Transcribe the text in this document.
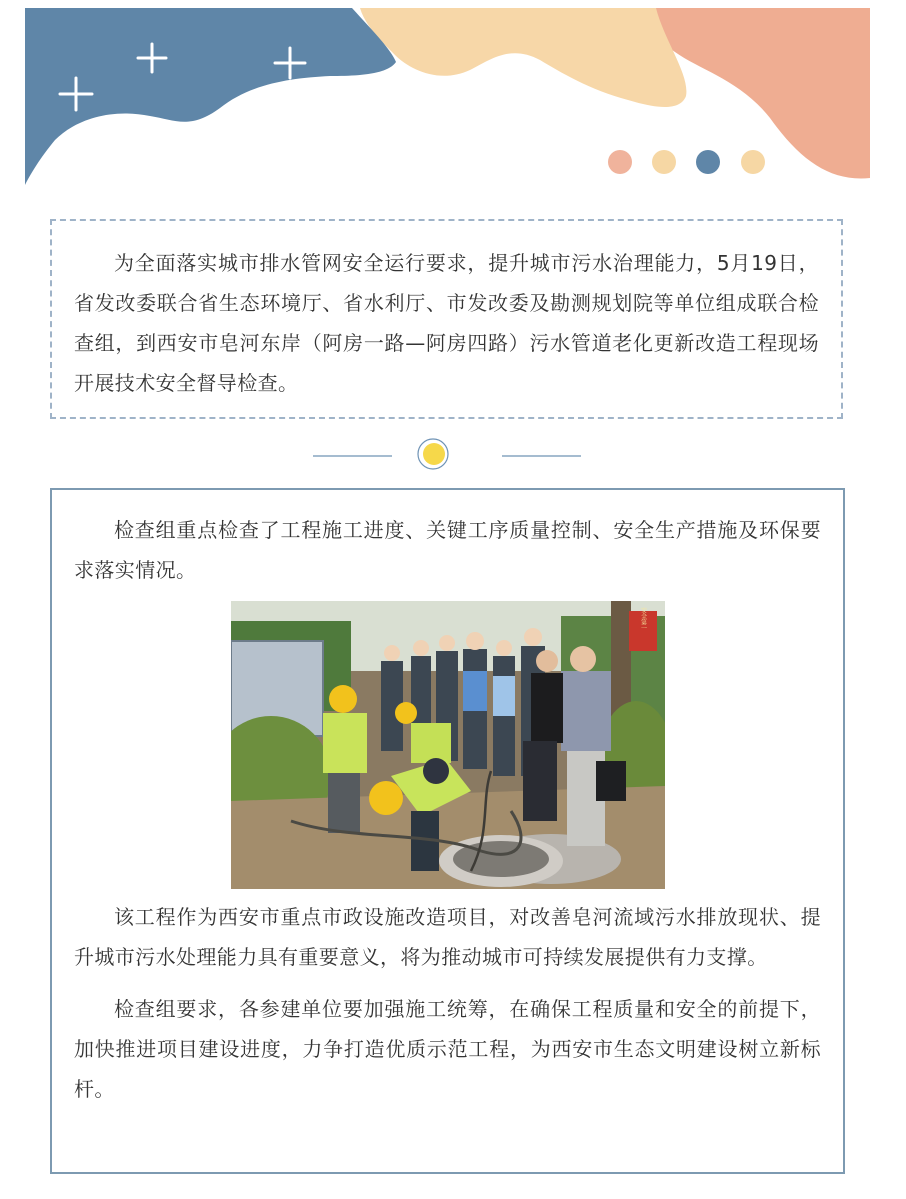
为全面落实城市排水管网安全运行要求，提升城市污水治理能力，5月19日，省发改委联合省生态环境厅、省水利厅、市发改委及勘测规划院等单位组成联合检查组，到西安市皂河东岸（阿房一路—阿房四路）污水管道老化更新改造工程现场开展技术安全督导检查。

检查组重点检查了工程施工进度、关键工序质量控制、安全生产措施及环保要求落实情况。

安全第一

该工程作为西安市重点市政设施改造项目，对改善皂河流域污水排放现状、提升城市污水处理能力具有重要意义，将为推动城市可持续发展提供有力支撑。

检查组要求，各参建单位要加强施工统筹，在确保工程质量和安全的前提下，加快推进项目建设进度，力争打造优质示范工程，为西安市生态文明建设树立新标杆。
